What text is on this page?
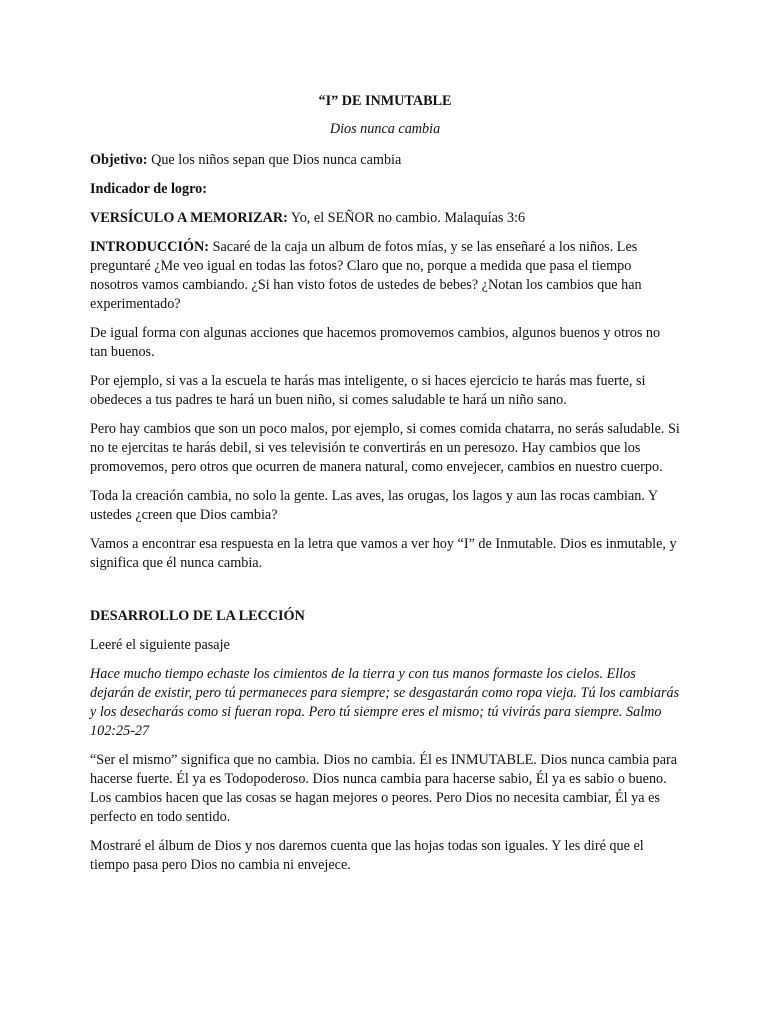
“I” DE INMUTABLE

Dios nunca cambia

Objetivo: Que los niños sepan que Dios nunca cambia

Indicador de logro:

VERSÍCULO A MEMORIZAR: Yo, el SEÑOR no cambio. Malaquías 3:6

INTRODUCCIÓN: Sacaré de la caja un album de fotos mías, y se las enseñaré a los niños. Les preguntaré ¿Me veo igual en todas las fotos? Claro que no, porque a medida que pasa el tiempo nosotros vamos cambiando. ¿Si han visto fotos de ustedes de bebes? ¿Notan los cambios que han experimentado?

De igual forma con algunas acciones que hacemos promovemos cambios, algunos buenos y otros no tan buenos.

Por ejemplo, si vas a la escuela te harás mas inteligente, o si haces ejercicio te harás mas fuerte, si obedeces a tus padres te hará un buen niño, si comes saludable te hará un niño sano.

Pero hay cambios que son un poco malos, por ejemplo, si comes comida chatarra, no serás saludable. Si no te ejercitas te harás debil, si ves televisión te convertirás en un peresozo. Hay cambios que los promovemos, pero otros que ocurren de manera natural, como envejecer, cambios en nuestro cuerpo.

Toda la creación cambia, no solo la gente. Las aves, las orugas, los lagos y aun las rocas cambian. Y ustedes ¿creen que Dios cambia?

Vamos a encontrar esa respuesta en la letra que vamos a ver hoy “I” de Inmutable. Dios es inmutable, y significa que él nunca cambia.

DESARROLLO DE LA LECCIÓN

Leeré el siguiente pasaje

Hace mucho tiempo echaste los cimientos de la tierra y con tus manos formaste los cielos. Ellos dejarán de existir, pero tú permaneces para siempre; se desgastarán como ropa vieja. Tú los cambiarás y los desecharás como si fueran ropa. Pero tú siempre eres el mismo; tú vivirás para siempre. Salmo 102:25-27

“Ser el mismo” significa que no cambia. Dios no cambia. Él es INMUTABLE. Dios nunca cambia para hacerse fuerte. Él ya es Todopoderoso. Dios nunca cambia para hacerse sabio, Él ya es sabio o bueno. Los cambios hacen que las cosas se hagan mejores o peores. Pero Dios no necesita cambiar, Él ya es perfecto en todo sentido.

Mostraré el álbum de Dios y nos daremos cuenta que las hojas todas son iguales. Y les diré que el tiempo pasa pero Dios no cambia ni envejece.
